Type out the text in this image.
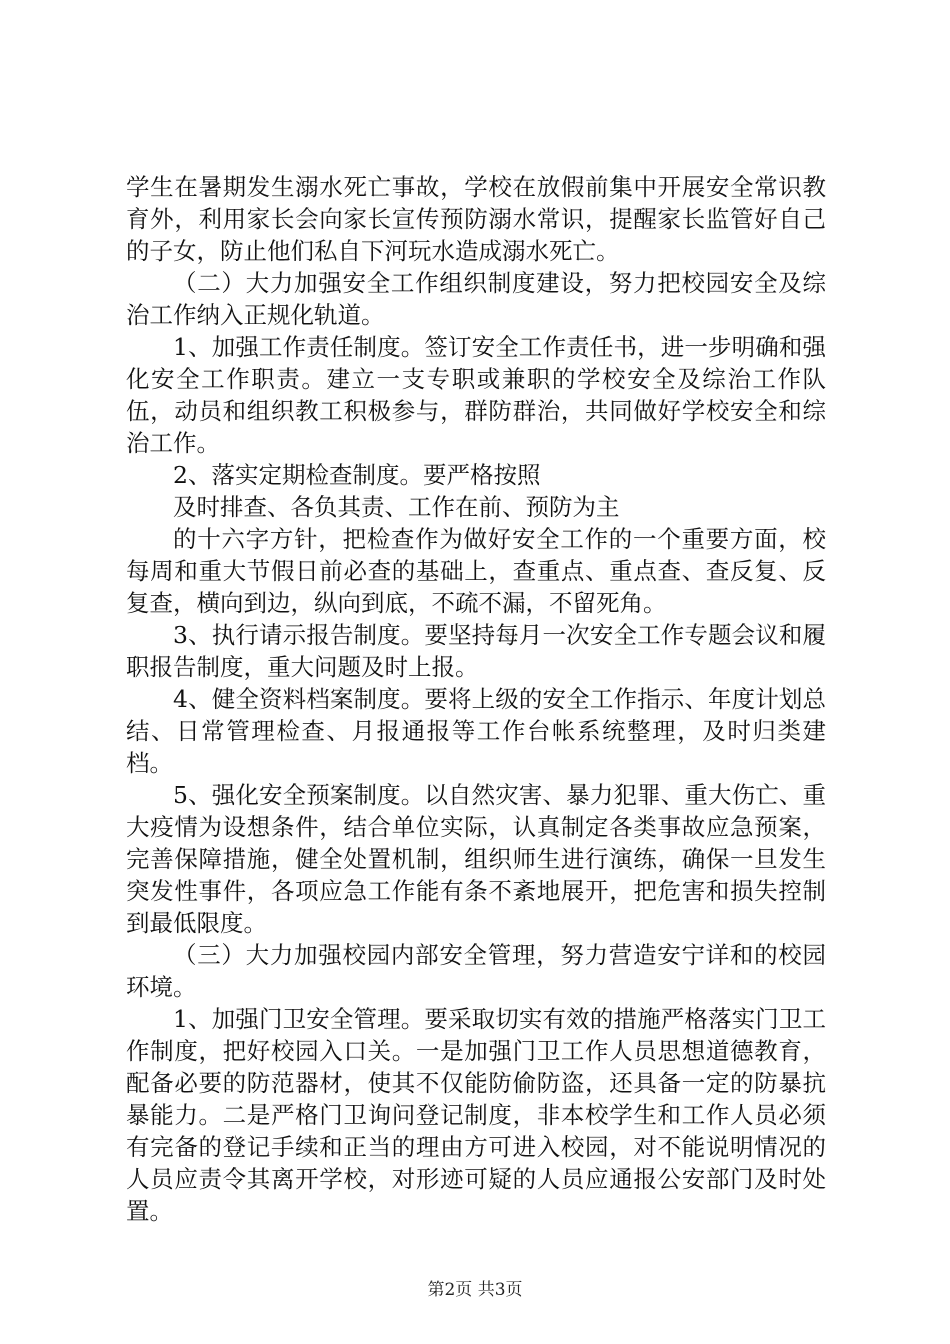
学生在暑期发生溺水死亡事故，学校在放假前集中开展安全常识教育外，利用家长会向家长宣传预防溺水常识，提醒家长监管好自己的子女，防止他们私自下河玩水造成溺水死亡。

（二）大力加强安全工作组织制度建设，努力把校园安全及综治工作纳入正规化轨道。

1、加强工作责任制度。签订安全工作责任书，进一步明确和强化安全工作职责。建立一支专职或兼职的学校安全及综治工作队伍，动员和组织教工积极参与，群防群治，共同做好学校安全和综治工作。

2、落实定期检查制度。要严格按照

及时排查、各负其责、工作在前、预防为主

的十六字方针，把检查作为做好安全工作的一个重要方面，校每周和重大节假日前必查的基础上，查重点、重点查、查反复、反复查，横向到边，纵向到底，不疏不漏，不留死角。

3、执行请示报告制度。要坚持每月一次安全工作专题会议和履职报告制度，重大问题及时上报。

4、健全资料档案制度。要将上级的安全工作指示、年度计划总结、日常管理检查、月报通报等工作台帐系统整理，及时归类建档。

5、强化安全预案制度。以自然灾害、暴力犯罪、重大伤亡、重大疫情为设想条件，结合单位实际，认真制定各类事故应急预案，完善保障措施，健全处置机制，组织师生进行演练，确保一旦发生突发性事件，各项应急工作能有条不紊地展开，把危害和损失控制到最低限度。

（三）大力加强校园内部安全管理，努力营造安宁详和的校园环境。

1、加强门卫安全管理。要采取切实有效的措施严格落实门卫工作制度，把好校园入口关。一是加强门卫工作人员思想道德教育，配备必要的防范器材，使其不仅能防偷防盗，还具备一定的防暴抗暴能力。二是严格门卫询问登记制度，非本校学生和工作人员必须有完备的登记手续和正当的理由方可进入校园，对不能说明情况的人员应责令其离开学校，对形迹可疑的人员应通报公安部门及时处置。

第2页 共3页
